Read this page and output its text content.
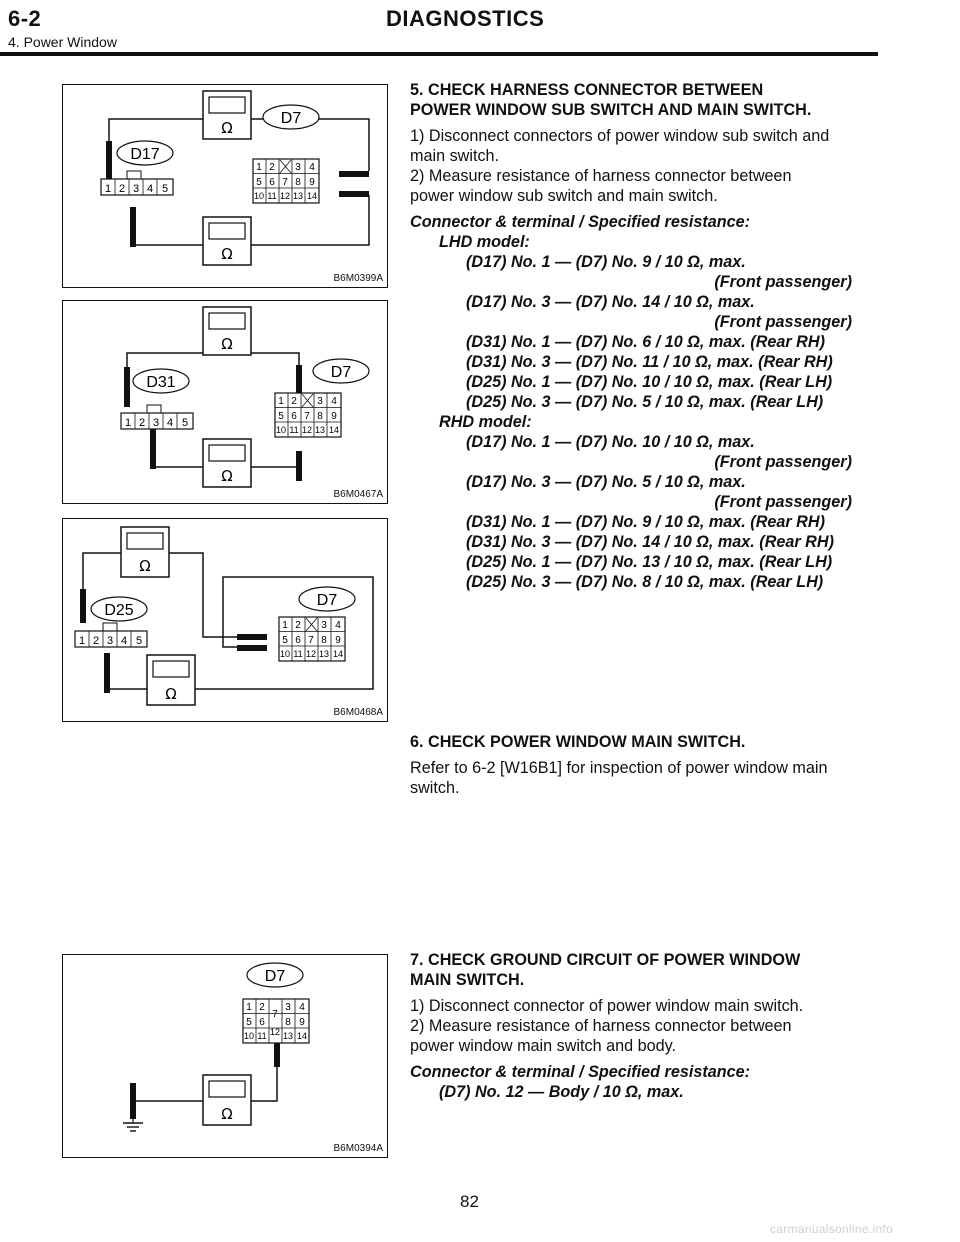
6-2	DIAGNOSTICS
4. Power Window
Ω
Ω
D17
D7
1 2 3 4 5
1 2 3 4
5 6 7 8 9
10 11 12 13 14
B6M0399A
Ω
Ω
D31
D7
1 2 3 4 5
1 2 3 4
5 6 7 8 9
10 11 12 13 14
B6M0467A
Ω
Ω
D25
D7
1 2 3 4 5
1 2 3 4
5 6 7 8 9
10 11 12 13 14
B6M0468A
Ω
D7
1 2 3 4
5 6
7
8 9
10 11 12 13 14
B6M0394A
5. CHECK HARNESS CONNECTOR BETWEEN
POWER WINDOW SUB SWITCH AND MAIN SWITCH.
1) Disconnect connectors of power window sub switch and
main switch.
2) Measure resistance of harness connector between
power window sub switch and main switch.
Connector & terminal / Specified resistance:
LHD model:
(D17) No. 1 — (D7) No. 9 / 10 Ω, max.
(Front passenger)
(D17) No. 3 — (D7) No. 14 / 10 Ω, max.
(Front passenger)
(D31) No. 1 — (D7) No. 6 / 10 Ω, max. (Rear RH)
(D31) No. 3 — (D7) No. 11 / 10 Ω, max. (Rear RH)
(D25) No. 1 — (D7) No. 10 / 10 Ω, max. (Rear LH)
(D25) No. 3 — (D7) No. 5 / 10 Ω, max. (Rear LH)
RHD model:
(D17) No. 1 — (D7) No. 10 / 10 Ω, max.
(Front passenger)
(D17) No. 3 — (D7) No. 5 / 10 Ω, max.
(Front passenger)
(D31) No. 1 — (D7) No. 9 / 10 Ω, max. (Rear RH)
(D31) No. 3 — (D7) No. 14 / 10 Ω, max. (Rear RH)
(D25) No. 1 — (D7) No. 13 / 10 Ω, max. (Rear LH)
(D25) No. 3 — (D7) No. 8 / 10 Ω, max. (Rear LH)
6. CHECK POWER WINDOW MAIN SWITCH.
Refer to 6-2 [W16B1] for inspection of power window main
switch.
7. CHECK GROUND CIRCUIT OF POWER WINDOW
MAIN SWITCH.
1) Disconnect connector of power window main switch.
2) Measure resistance of harness connector between
power window main switch and body.
Connector & terminal / Specified resistance:
(D7) No. 12 — Body / 10 Ω, max.
82
carmanualsonline.info
